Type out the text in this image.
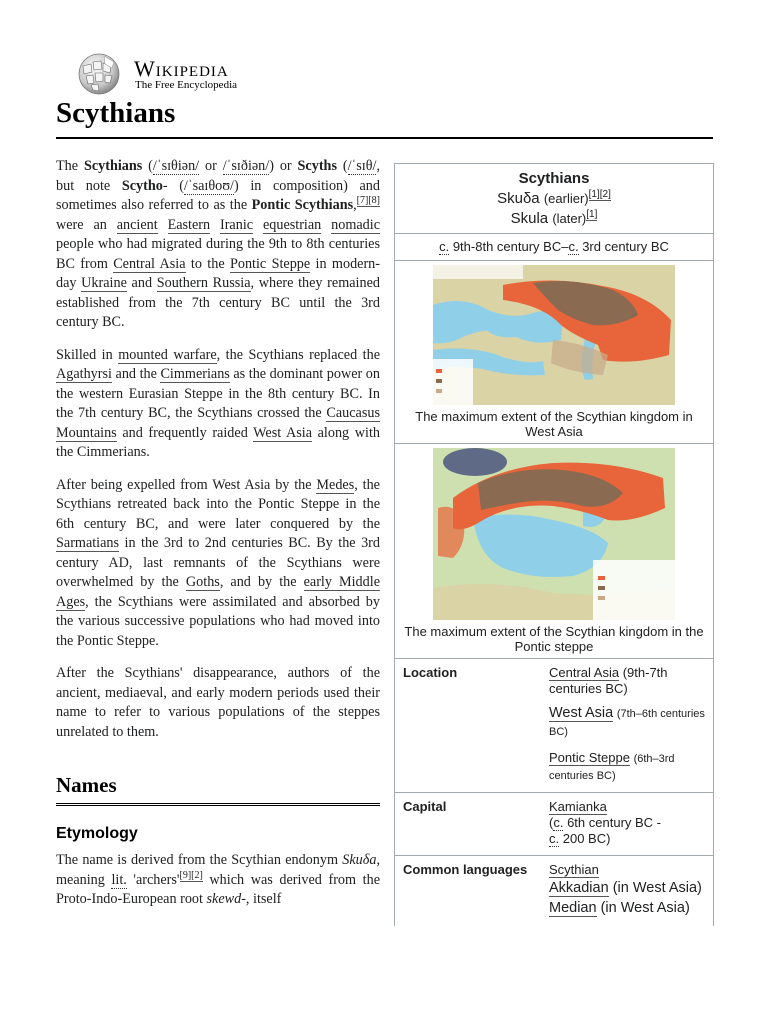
Wikipedia
The Free Encyclopedia
Scythians

The Scythians (/ˈsɪθiən/ or /ˈsɪðiən/) or Scyths (/ˈsɪθ/, but note Scytho- (/ˈsaɪθoʊ/) in composition) and sometimes also referred to as the Pontic Scythians,[7][8] were an ancient Eastern Iranic equestrian nomadic people who had migrated during the 9th to 8th centuries BC from Central Asia to the Pontic Steppe in modern-day Ukraine and Southern Russia, where they remained established from the 7th century BC until the 3rd century BC.

Skilled in mounted warfare, the Scythians replaced the Agathyrsi and the Cimmerians as the dominant power on the western Eurasian Steppe in the 8th century BC. In the 7th century BC, the Scythians crossed the Caucasus Mountains and frequently raided West Asia along with the Cimmerians.

After being expelled from West Asia by the Medes, the Scythians retreated back into the Pontic Steppe in the 6th century BC, and were later conquered by the Sarmatians in the 3rd to 2nd centuries BC. By the 3rd century AD, last remnants of the Scythians were overwhelmed by the Goths, and by the early Middle Ages, the Scythians were assimilated and absorbed by the various successive populations who had moved into the Pontic Steppe.

After the Scythians' disappearance, authors of the ancient, mediaeval, and early modern periods used their name to refer to various populations of the steppes unrelated to them.

Names
Etymology

The name is derived from the Scythian endonym Skuδa, meaning lit. 'archers'[9][2] which was derived from the Proto-Indo-European root skewd-, itself

Scythians
Skuδa (earlier)[1][2]
Skula (later)[1]
c. 9th-8th century BC–c. 3rd century BC
The maximum extent of the Scythian kingdom in West Asia
The maximum extent of the Scythian kingdom in the Pontic steppe
Location	Central Asia (9th-7th centuries BC)
West Asia (7th–6th centuries BC)
Pontic Steppe (6th–3rd centuries BC)
Capital	Kamianka
(c. 6th century BC -
c. 200 BC)
Common languages	Scythian
Akkadian (in West Asia)
Median (in West Asia)
